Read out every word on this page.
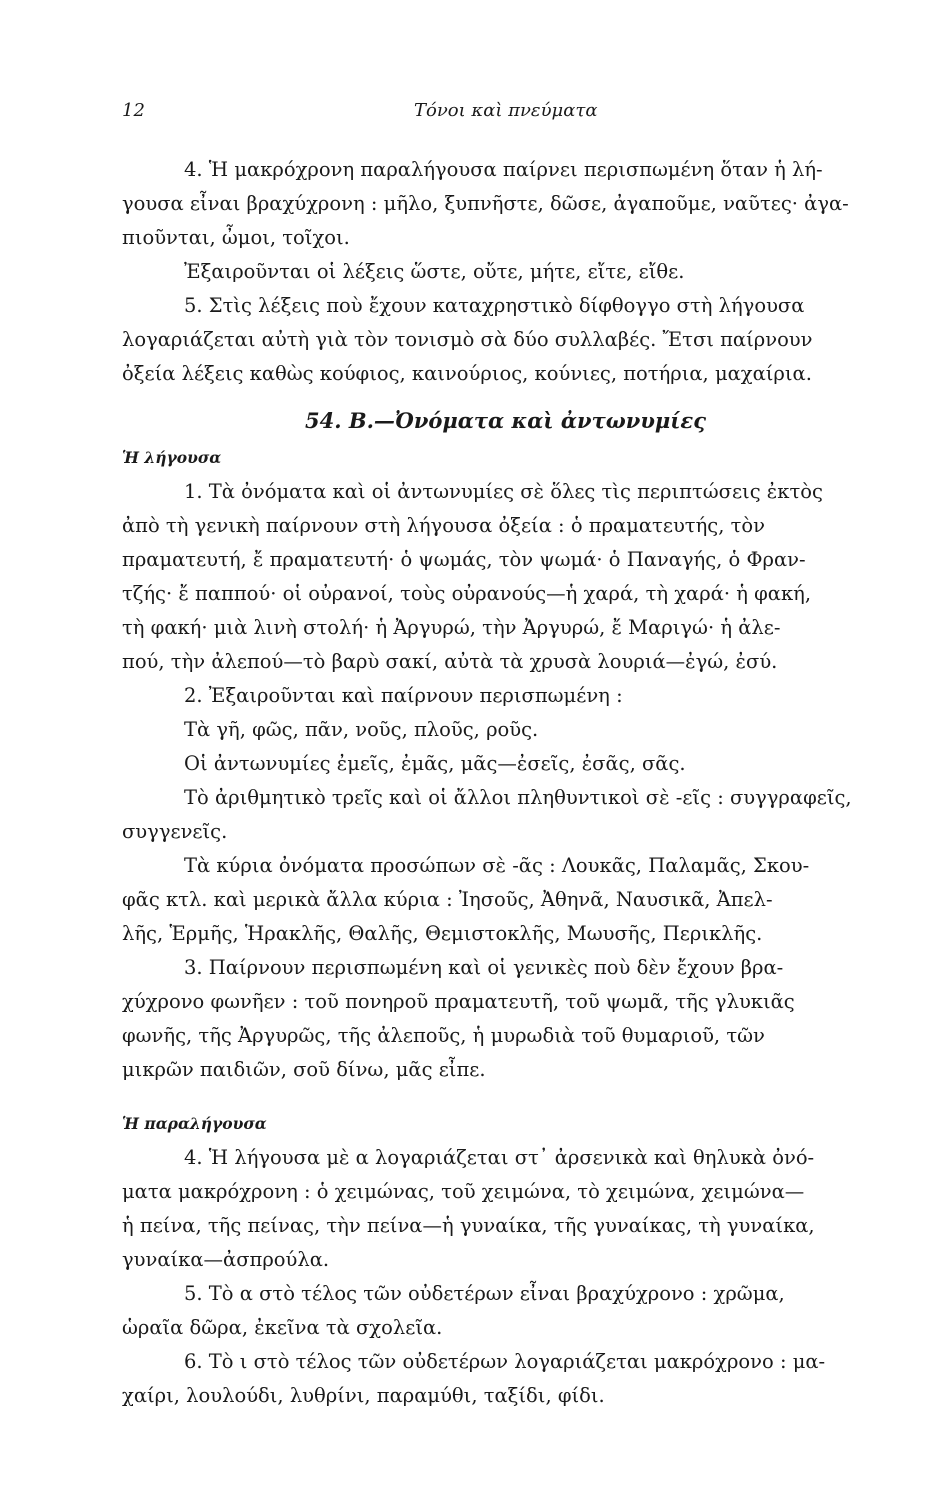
12	Τόνοι καὶ πνεύματα
4. Ἡ μακρόχρονη παραλήγουσα παίρνει περισπωμένη ὅταν ἡ λή-
γουσα εἶναι βραχύχρονη : μῆλο, ξυπνῆστε, δῶσε, ἀγαποῦμε, ναῦτες· ἀγα-
πιοῦνται, ὦμοι, τοῖχοι.
Ἐξαιροῦνται οἱ λέξεις ὥστε, οὔτε, μήτε, εἴτε, εἴθε.
5. Στὶς λέξεις ποὺ ἔχουν καταχρηστικὸ δίφθογγο στὴ λήγουσα
λογαριάζεται αὐτὴ γιὰ τὸν τονισμὸ σὰ δύο συλλαβές. Ἔτσι παίρνουν
ὀξεία λέξεις καθὼς κούφιος, καινούριος, κούνιες, ποτήρια, μαχαίρια.
54. Β.—Ὀνόματα καὶ ἀντωνυμίες
Ἡ λήγουσα
1. Τὰ ὀνόματα καὶ οἱ ἀντωνυμίες σὲ ὅλες τὶς περιπτώσεις ἐκτὸς
ἀπὸ τὴ γενικὴ παίρνουν στὴ λήγουσα ὀξεία : ὁ πραματευτής, τὸν
πραματευτή, ἔ πραματευτή· ὁ ψωμάς, τὸν ψωμά· ὁ Παναγής, ὁ Φραν-
τζής· ἔ παππού· οἱ οὐρανοί, τοὺς οὐρανούς—ἡ χαρά, τὴ χαρά· ἡ φακή,
τὴ φακή· μιὰ λινὴ στολή· ἡ Ἀργυρώ, τὴν Ἀργυρώ, ἔ Μαριγώ· ἡ ἀλε-
πού, τὴν ἀλεπού—τὸ βαρὺ σακί, αὐτὰ τὰ χρυσὰ λουριά—ἐγώ, ἐσύ.
2. Ἐξαιροῦνται καὶ παίρνουν περισπωμένη :
Τὰ γῆ, φῶς, πᾶν, νοῦς, πλοῦς, ροῦς.
Οἱ ἀντωνυμίες ἐμεῖς, ἐμᾶς, μᾶς—ἐσεῖς, ἐσᾶς, σᾶς.
Τὸ ἀριθμητικὸ τρεῖς καὶ οἱ ἄλλοι πληθυντικοὶ σὲ -εῖς : συγγραφεῖς,
συγγενεῖς.
Τὰ κύρια ὀνόματα προσώπων σὲ -ᾶς : Λουκᾶς, Παλαμᾶς, Σκου-
φᾶς κτλ. καὶ μερικὰ ἄλλα κύρια : Ἰησοῦς, Ἀθηνᾶ, Ναυσικᾶ, Ἀπελ-
λῆς, Ἑρμῆς, Ἡρακλῆς, Θαλῆς, Θεμιστοκλῆς, Μωυσῆς, Περικλῆς.
3. Παίρνουν περισπωμένη καὶ οἱ γενικὲς ποὺ δὲν ἔχουν βρα-
χύχρονο φωνῆεν : τοῦ πονηροῦ πραματευτῆ, τοῦ ψωμᾶ, τῆς γλυκιᾶς
φωνῆς, τῆς Ἀργυρῶς, τῆς ἀλεποῦς, ἡ μυρωδιὰ τοῦ θυμαριοῦ, τῶν
μικρῶν παιδιῶν, σοῦ δίνω, μᾶς εἶπε.
Ἡ παραλήγουσα
4. Ἡ λήγουσα μὲ α λογαριάζεται στ᾿ ἀρσενικὰ καὶ θηλυκὰ ὀνό-
ματα μακρόχρονη : ὁ χειμώνας, τοῦ χειμώνα, τὸ χειμώνα, χειμώνα—
ἡ πείνα, τῆς πείνας, τὴν πείνα—ἡ γυναίκα, τῆς γυναίκας, τὴ γυναίκα,
γυναίκα—ἀσπρούλα.
5. Τὸ α στὸ τέλος τῶν οὐδετέρων εἶναι βραχύχρονο : χρῶμα,
ὡραῖα δῶρα, ἐκεῖνα τὰ σχολεῖα.
6. Τὸ ι στὸ τέλος τῶν οὐδετέρων λογαριάζεται μακρόχρονο : μα-
χαίρι, λουλούδι, λυθρίνι, παραμύθι, ταξίδι, φίδι.
